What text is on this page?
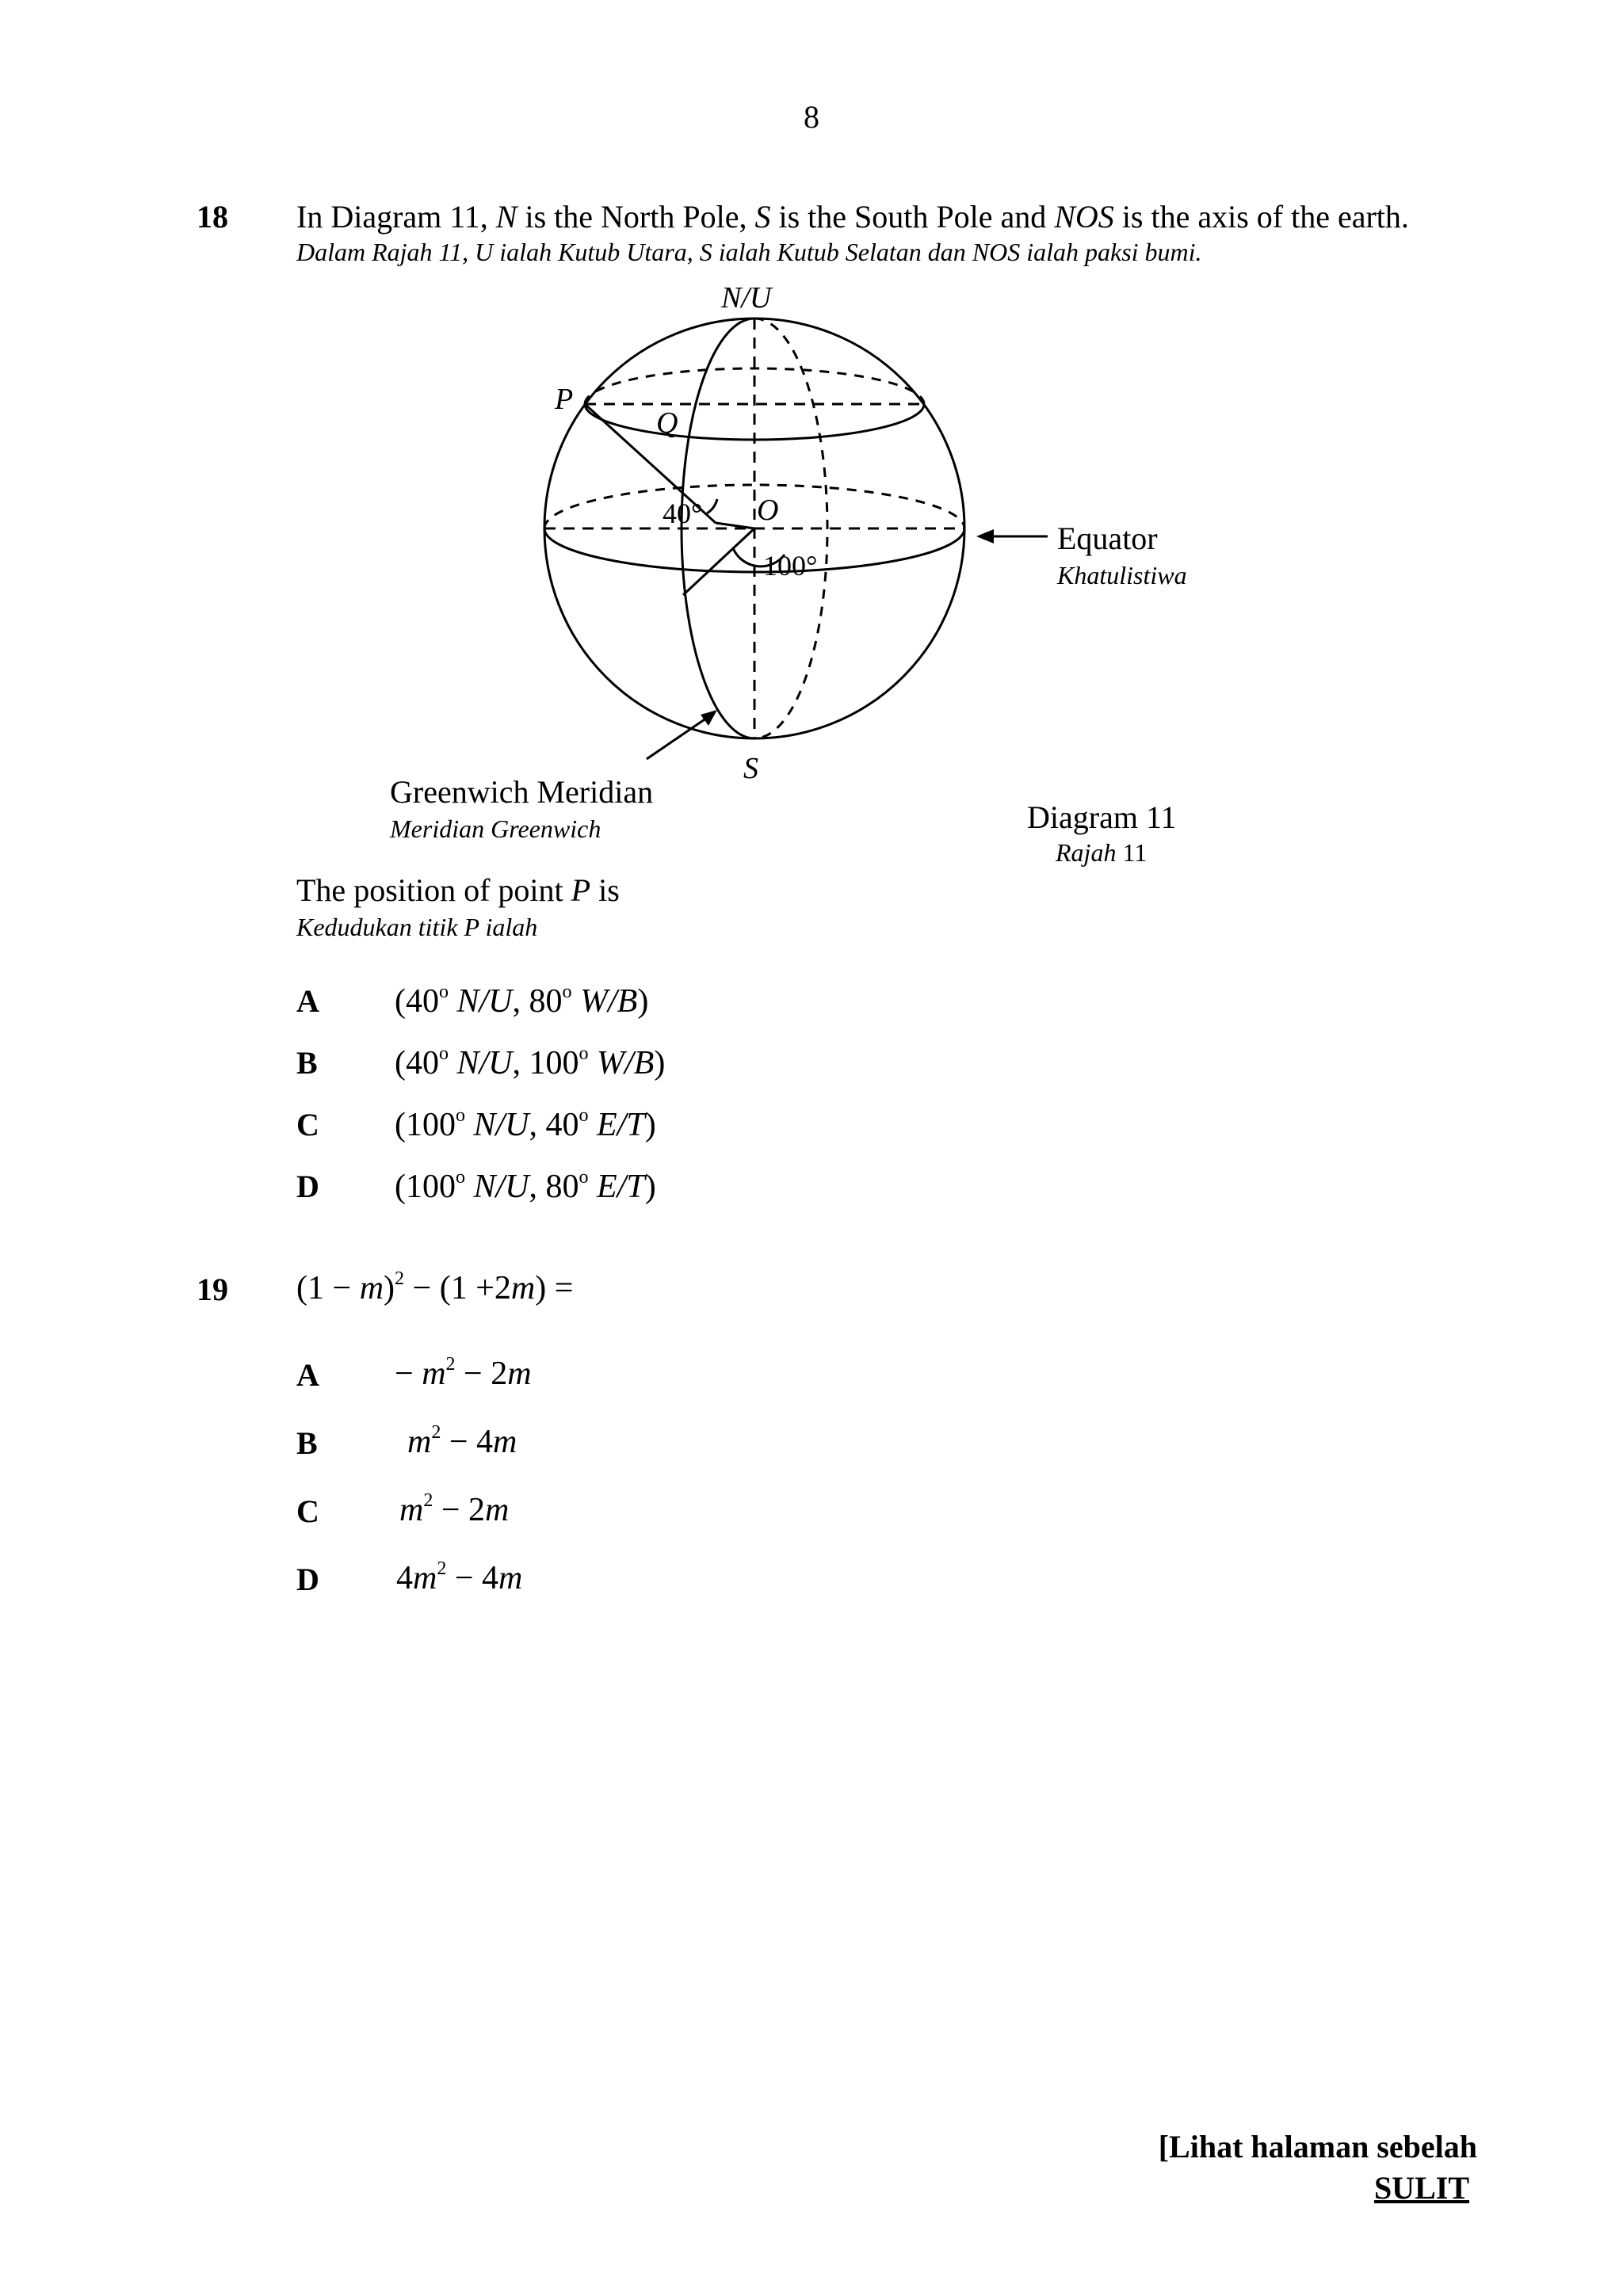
8
18 In Diagram 11, N is the North Pole, S is the South Pole and NOS is the axis of the earth.
Dalam Rajah 11, U ialah Kutub Utara, S ialah Kutub Selatan dan NOS ialah paksi bumi.
N/U
S
P
Q
O
40°
100°
Equator
Khatulistiwa
Greenwich Meridian
Meridian Greenwich	Diagram 11
Rajah 11
The position of point P is
Kedudukan titik P ialah
A (40$^o$ N/U, 80$^o$ W/B)
B (40$^o$ N/U, 100$^o$ W/B)
C (100$^o$ N/U, 40$^o$ E/T)
D (100$^o$ N/U, 80$^o$ E/T)
19 $(1 - m)^2 - (1 +2m)$ =
$A - m^2 - 2m$
B	$m^2 - 4m$
C $m^2 - 2m$
D $4m^2 - 4m$
[Lihat halaman sebelah
SULIT
